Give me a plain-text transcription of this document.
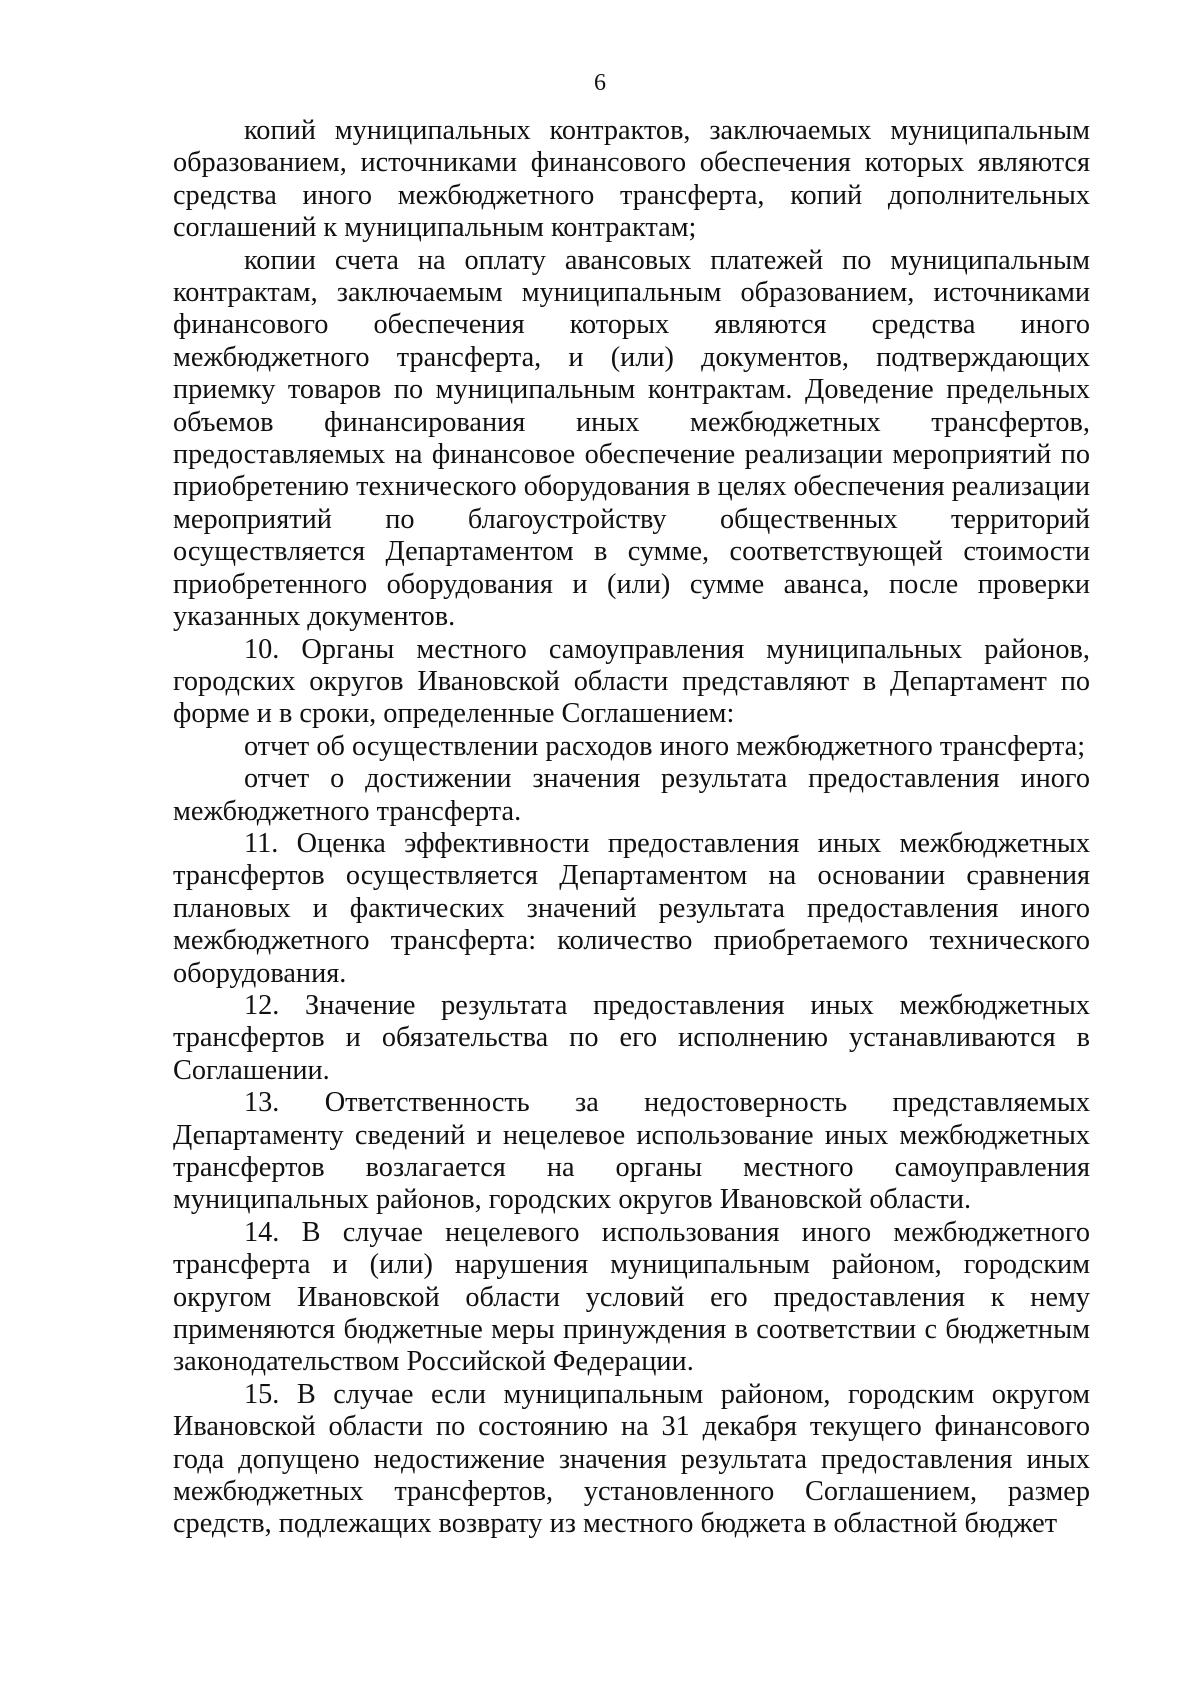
6

копий муниципальных контрактов, заключаемых муниципальным образованием, источниками финансового обеспечения которых являются средства иного межбюджетного трансферта, копий дополнительных соглашений к муниципальным контрактам;

копии счета на оплату авансовых платежей по муниципальным контрактам, заключаемым муниципальным образованием, источниками финансового обеспечения которых являются средства иного межбюджетного трансферта, и (или) документов, подтверждающих приемку товаров по муниципальным контрактам. Доведение предельных объемов финансирования иных межбюджетных трансфертов, предоставляемых на финансовое обеспечение реализации мероприятий по приобретению технического оборудования в целях обеспечения реализации мероприятий по благоустройству общественных территорий осуществляется Департаментом в сумме, соответствующей стоимости приобретенного оборудования и (или) сумме аванса, после проверки указанных документов.

10. Органы местного самоуправления муниципальных районов, городских округов Ивановской области представляют в Департамент по форме и в сроки, определенные Соглашением:

отчет об осуществлении расходов иного межбюджетного трансферта;

отчет о достижении значения результата предоставления иного межбюджетного трансферта.

11. Оценка эффективности предоставления иных межбюджетных трансфертов осуществляется Департаментом на основании сравнения плановых и фактических значений результата предоставления иного межбюджетного трансферта: количество приобретаемого технического оборудования.

12. Значение результата предоставления иных межбюджетных трансфертов и обязательства по его исполнению устанавливаются в Соглашении.

13. Ответственность за недостоверность представляемых Департаменту сведений и нецелевое использование иных межбюджетных трансфертов возлагается на органы местного самоуправления муниципальных районов, городских округов Ивановской области.

14. В случае нецелевого использования иного межбюджетного трансферта и (или) нарушения муниципальным районом, городским округом Ивановской области условий его предоставления к нему применяются бюджетные меры принуждения в соответствии с бюджетным законодательством Российской Федерации.

15. В случае если муниципальным районом, городским округом Ивановской области по состоянию на 31 декабря текущего финансового года допущено недостижение значения результата предоставления иных межбюджетных трансфертов, установленного Соглашением, размер средств, подлежащих возврату из местного бюджета в областной бюджет
